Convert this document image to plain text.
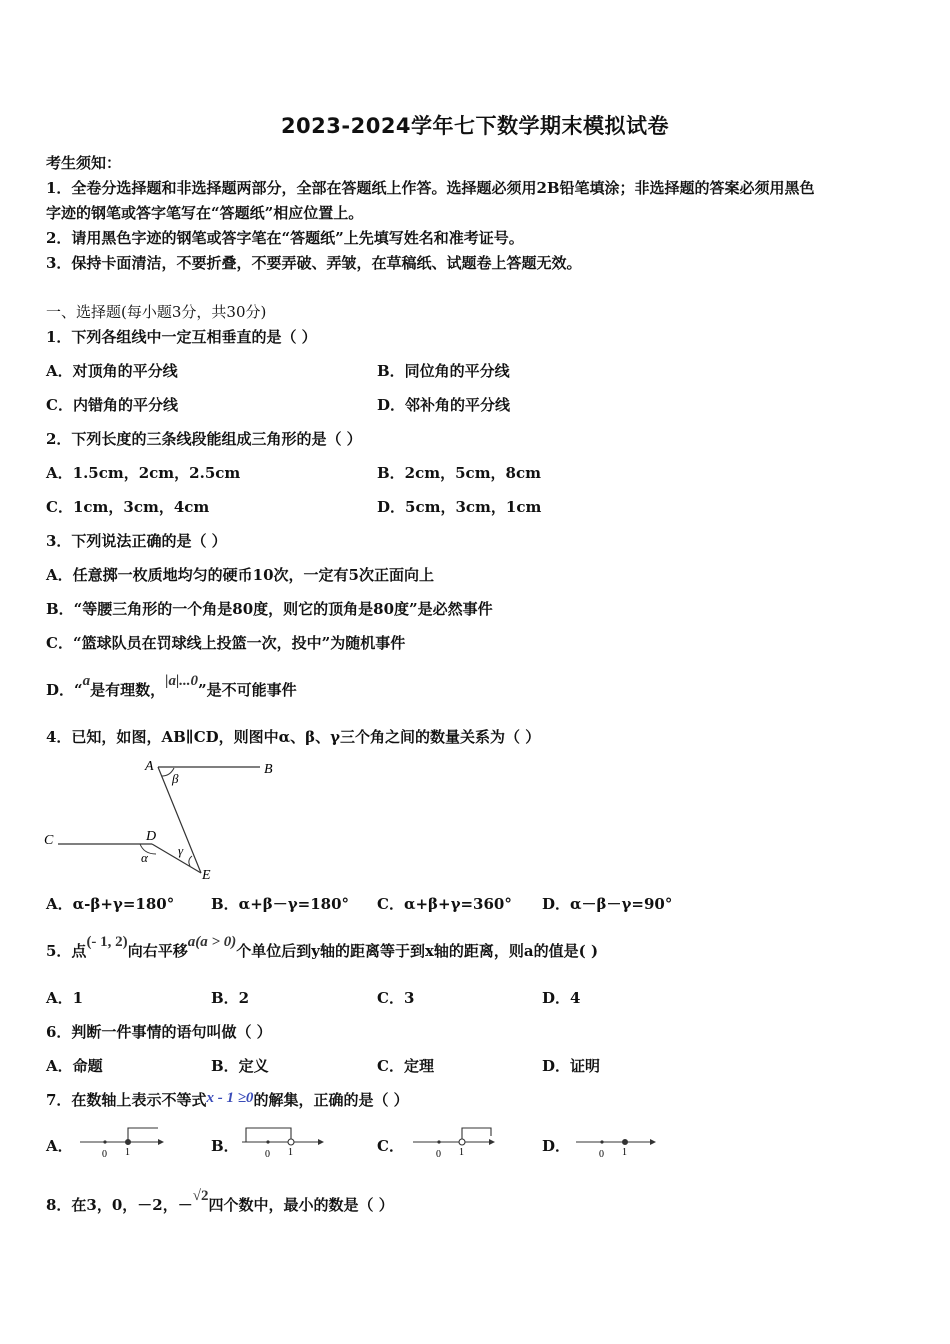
2023-2024学年七下数学期末模拟试卷
考生须知：
1．全卷分选择题和非选择题两部分，全部在答题纸上作答。选择题必须用2B铅笔填涂；非选择题的答案必须用黑色
字迹的钢笔或答字笔写在“答题纸”相应位置上。
2．请用黑色字迹的钢笔或答字笔在“答题纸”上先填写姓名和准考证号。
3．保持卡面清洁，不要折叠，不要弄破、弄皱，在草稿纸、试题卷上答题无效。
一、选择题(每小题3分，共30分)
1．下列各组线中一定互相垂直的是（ ）
A．对顶角的平分线	B．同位角的平分线
C．内错角的平分线	D．邻补角的平分线
2．下列长度的三条线段能组成三角形的是（ ）
A．1.5cm，2cm，2.5cm	B．2cm，5cm，8cm
C．1cm，3cm，4cm	D．5cm，3cm，1cm
3．下列说法正确的是（ ）
A．任意掷一枚质地均匀的硬币10次，一定有5次正面向上
B．“等腰三角形的一个角是80度，则它的顶角是80度”是必然事件
C．“篮球队员在罚球线上投篮一次，投中”为随机事件
D．“a是有理数，|a|...0”是不可能事件
4．已知，如图，AB∥CD，则图中α、β、γ三个角之间的数量关系为（ ）
A	B
C	D
E
β
α γ
A．α-β+γ=180° B．α+β－γ=180° C．α+β+γ=360° D．α－β－γ=90°
5．点(- 1, 2)向右平移a(a > 0)个单位后到y轴的距离等于到x轴的距离，则a的值是( )
A．1	B．2	C．3	D．4
6．判断一件事情的语句叫做（ ）
A．命题	B．定义	C．定理	D．证明
7．在数轴上表示不等式x - 1 ≥0的解集，正确的是（ ）
A．	0 1	B．	0 1	C．	0 1	D．	0 1
8．在3，0，－2，－√2四个数中，最小的数是（ ）
